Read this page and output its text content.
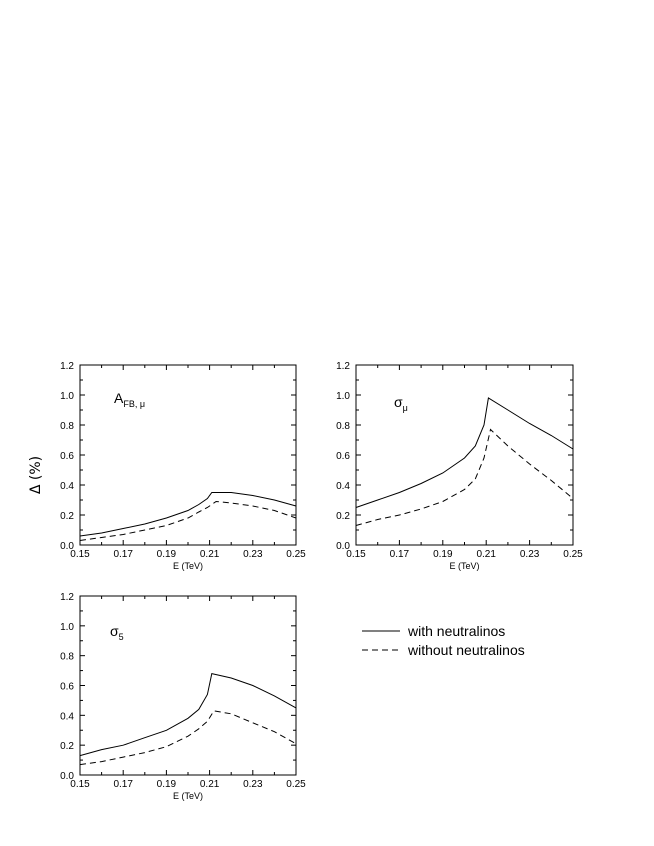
0.15 0.17 0.19 0.21 0.23 0.25
0.0
0.2
0.4
0.6
0.8
1.0
1.2
E (TeV)
Δ (%)
$A_{FB, \mu}$
0.15 0.17 0.19 0.21 0.23 0.25
0.0
0.2
0.4
0.6
0.8
1.0
1.2
E (TeV)
$\sigma_\mu$
0.15 0.17 0.19 0.21 0.23 0.25
0.0
0.2
0.4
0.6
0.8
1.0
1.2
E (TeV)
$\sigma_5$	with neutralinos
without neutralinos
